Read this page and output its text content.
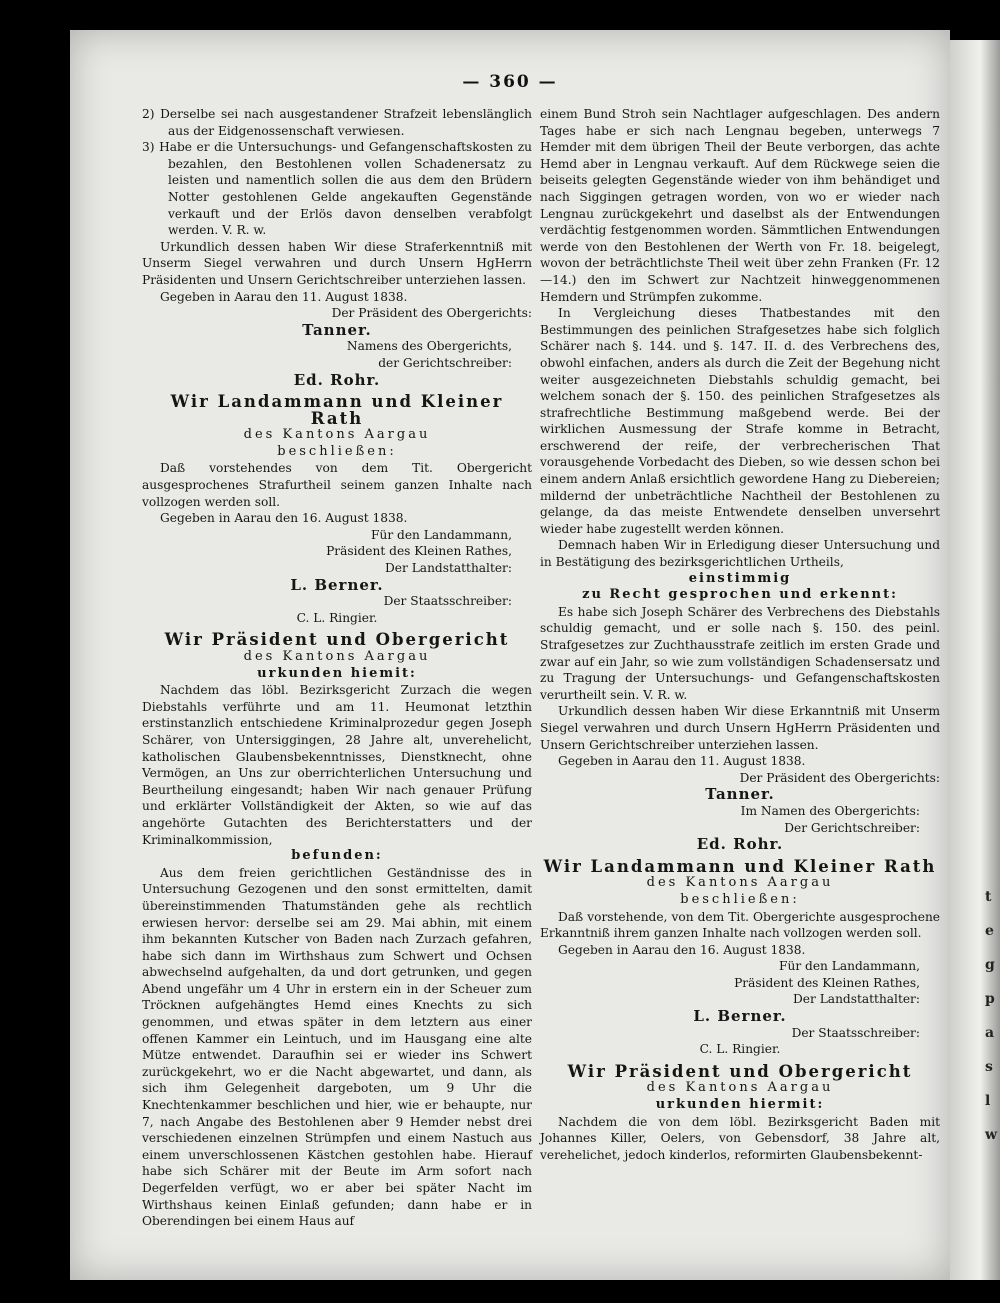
t
e
g
p
a
s
l
w
— 360 —

2) Derselbe sei nach ausgestandener Strafzeit lebenslänglich aus der Eidgenossenschaft verwiesen.

3) Habe er die Untersuchungs- und Gefangenschaftskosten zu bezahlen, den Bestohlenen vollen Schadenersatz zu leisten und namentlich sollen die aus dem den Brüdern Notter gestohlenen Gelde angekauften Gegenstände verkauft und der Erlös davon denselben verabfolgt werden. V. R. w.

Urkundlich dessen haben Wir diese Straferkenntniß mit Unserm Siegel verwahren und durch Unsern HgHerrn Präsidenten und Unsern Gerichtschreiber unterziehen lassen.

Gegeben in Aarau den 11. August 1838.

Der Präsident des Obergerichts:

Tanner.

Namens des Obergerichts,

der Gerichtschreiber:

Ed. Rohr.

Wir Landammann und Kleiner Rath

des Kantons Aargau

beschließen:

Daß vorstehendes von dem Tit. Obergericht ausgesprochenes Strafurtheil seinem ganzen Inhalte nach vollzogen werden soll.

Gegeben in Aarau den 16. August 1838.

Für den Landammann,

Präsident des Kleinen Rathes,

Der Landstatthalter:

L. Berner.

Der Staatsschreiber:

C. L. Ringier.

Wir Präsident und Obergericht

des Kantons Aargau

urkunden hiemit:

Nachdem das löbl. Bezirksgericht Zurzach die wegen Diebstahls verführte und am 11. Heumonat letzthin erstinstanzlich entschiedene Kriminalprozedur gegen Joseph Schärer, von Untersiggingen, 28 Jahre alt, unverehelicht, katholischen Glaubensbekenntnisses, Dienstknecht, ohne Vermögen, an Uns zur oberrichterlichen Untersuchung und Beurtheilung eingesandt; haben Wir nach genauer Prüfung und erklärter Vollständigkeit der Akten, so wie auf das angehörte Gutachten des Berichterstatters und der Kriminalkommission,

befunden:

Aus dem freien gerichtlichen Geständnisse des in Untersuchung Gezogenen und den sonst ermittelten, damit übereinstimmenden Thatumständen gehe als rechtlich erwiesen hervor: derselbe sei am 29. Mai abhin, mit einem ihm bekannten Kutscher von Baden nach Zurzach gefahren, habe sich dann im Wirthshaus zum Schwert und Ochsen abwechselnd aufgehalten, da und dort getrunken, und gegen Abend ungefähr um 4 Uhr in erstern ein in der Scheuer zum Tröcknen aufgehängtes Hemd eines Knechts zu sich genommen, und etwas später in dem letztern aus einer offenen Kammer ein Leintuch, und im Hausgang eine alte Mütze entwendet. Daraufhin sei er wieder ins Schwert zurückgekehrt, wo er die Nacht abgewartet, und dann, als sich ihm Gelegenheit dargeboten, um 9 Uhr die Knechtenkammer beschlichen und hier, wie er behaupte, nur 7, nach Angabe des Bestohlenen aber 9 Hemder nebst drei verschiedenen einzelnen Strümpfen und einem Nastuch aus einem unverschlossenen Kästchen gestohlen habe. Hierauf habe sich Schärer mit der Beute im Arm sofort nach Degerfelden verfügt, wo er aber bei später Nacht im Wirthshaus keinen Einlaß gefunden; dann habe er in Oberendingen bei einem Haus auf

einem Bund Stroh sein Nachtlager aufgeschlagen. Des andern Tages habe er sich nach Lengnau begeben, unterwegs 7 Hemder mit dem übrigen Theil der Beute verborgen, das achte Hemd aber in Lengnau verkauft. Auf dem Rückwege seien die beiseits gelegten Gegenstände wieder von ihm behändiget und nach Siggingen getragen worden, von wo er wieder nach Lengnau zurückgekehrt und daselbst als der Entwendungen verdächtig festgenommen worden. Sämmtlichen Entwendungen werde von den Bestohlenen der Werth von Fr. 18. beigelegt, wovon der beträchtlichste Theil weit über zehn Franken (Fr. 12—14.) den im Schwert zur Nachtzeit hinweggenommenen Hemdern und Strümpfen zukomme.

In Vergleichung dieses Thatbestandes mit den Bestimmungen des peinlichen Strafgesetzes habe sich folglich Schärer nach §. 144. und §. 147. II. d. des Verbrechens des, obwohl einfachen, anders als durch die Zeit der Begehung nicht weiter ausgezeichneten Diebstahls schuldig gemacht, bei welchem sonach der §. 150. des peinlichen Strafgesetzes als strafrechtliche Bestimmung maßgebend werde. Bei der wirklichen Ausmessung der Strafe komme in Betracht, erschwerend der reife, der verbrecherischen That vorausgehende Vorbedacht des Dieben, so wie dessen schon bei einem andern Anlaß ersichtlich gewordene Hang zu Diebereien; mildernd der unbeträchtliche Nachtheil der Bestohlenen zu gelange, da das meiste Entwendete denselben unversehrt wieder habe zugestellt werden können.

Demnach haben Wir in Erledigung dieser Untersuchung und in Bestätigung des bezirksgerichtlichen Urtheils,

einstimmig

zu Recht gesprochen und erkennt:

Es habe sich Joseph Schärer des Verbrechens des Diebstahls schuldig gemacht, und er solle nach §. 150. des peinl. Strafgesetzes zur Zuchthausstrafe zeitlich im ersten Grade und zwar auf ein Jahr, so wie zum vollständigen Schadensersatz und zu Tragung der Untersuchungs- und Gefangenschaftskosten verurtheilt sein. V. R. w.

Urkundlich dessen haben Wir diese Erkanntniß mit Unserm Siegel verwahren und durch Unsern HgHerrn Präsidenten und Unsern Gerichtschreiber unterziehen lassen.

Gegeben in Aarau den 11. August 1838.

Der Präsident des Obergerichts:

Tanner.

Im Namen des Obergerichts:

Der Gerichtschreiber:

Ed. Rohr.

Wir Landammann und Kleiner Rath

des Kantons Aargau

beschließen:

Daß vorstehende, von dem Tit. Obergerichte ausgesprochene Erkanntniß ihrem ganzen Inhalte nach vollzogen werden soll.

Gegeben in Aarau den 16. August 1838.

Für den Landammann,

Präsident des Kleinen Rathes,

Der Landstatthalter:

L. Berner.

Der Staatsschreiber:

C. L. Ringier.

Wir Präsident und Obergericht

des Kantons Aargau

urkunden hiermit:

Nachdem die von dem löbl. Bezirksgericht Baden mit Johannes Killer, Oelers, von Gebensdorf, 38 Jahre alt, verehelichet, jedoch kinderlos, reformirten Glaubensbekennt-
